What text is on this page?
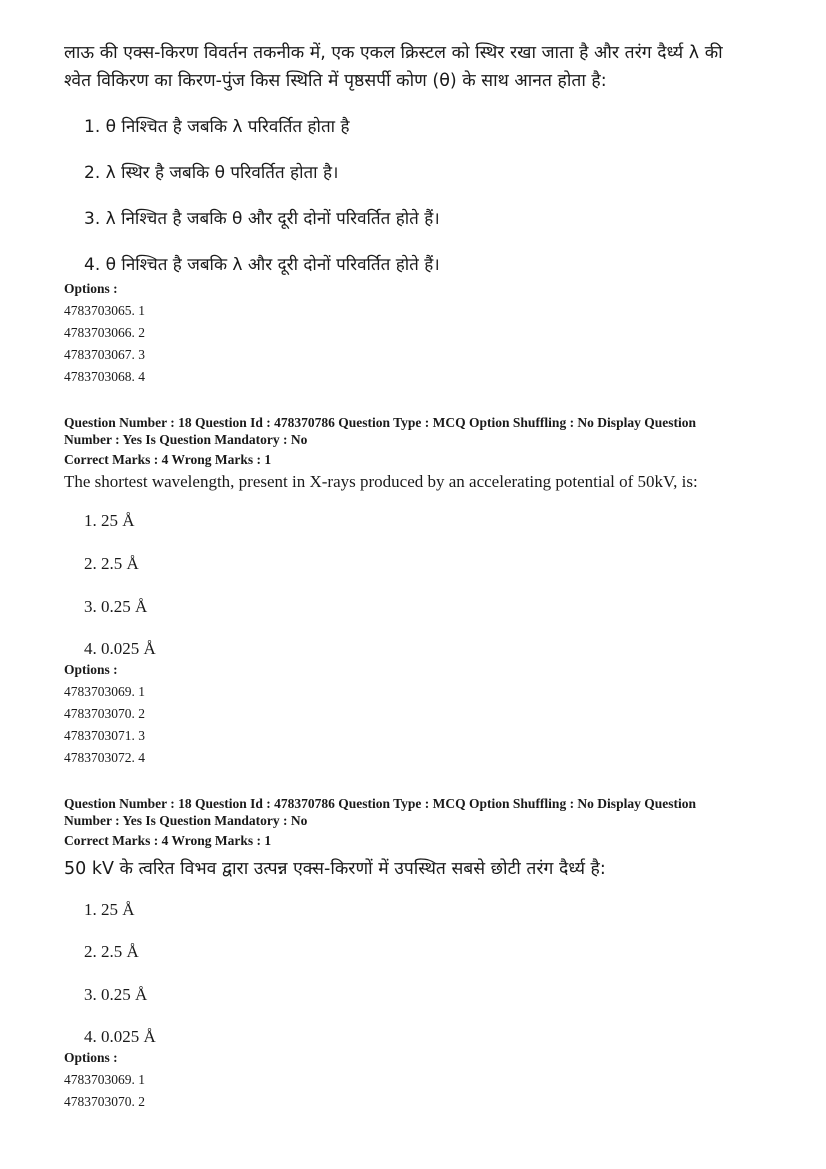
लाऊ की एक्स-किरण विवर्तन तकनीक में, एक एकल क्रिस्टल को स्थिर रखा जाता है और तरंग दैर्ध्य λ की
श्वेत विकिरण का किरण-पुंज किस स्थिति में पृष्ठसर्पी कोण (θ) के साथ आनत होता है:
1. θ निश्चित है जबकि λ परिवर्तित होता है
2. λ स्थिर है जबकि θ परिवर्तित होता है।
3. λ निश्चित है जबकि θ और दूरी दोनों परिवर्तित होते हैं।
4. θ निश्चित है जबकि λ और दूरी दोनों परिवर्तित होते हैं।
Options :
4783703065. 1
4783703066. 2
4783703067. 3
4783703068. 4
Question Number : 18 Question Id : 478370786 Question Type : MCQ Option Shuffling : No Display Question
Number : Yes Is Question Mandatory : No
Correct Marks : 4 Wrong Marks : 1
The shortest wavelength, present in X-rays produced by an accelerating potential of 50kV, is:
1. 25 Å
2. 2.5 Å
3. 0.25 Å
4. 0.025 Å
Options :
4783703069. 1
4783703070. 2
4783703071. 3
4783703072. 4
Question Number : 18 Question Id : 478370786 Question Type : MCQ Option Shuffling : No Display Question
Number : Yes Is Question Mandatory : No
Correct Marks : 4 Wrong Marks : 1
50 kV के त्वरित विभव द्वारा उत्पन्न एक्स-किरणों में उपस्थित सबसे छोटी तरंग दैर्ध्य है:
1. 25 Å
2. 2.5 Å
3. 0.25 Å
4. 0.025 Å
Options :
4783703069. 1
4783703070. 2
